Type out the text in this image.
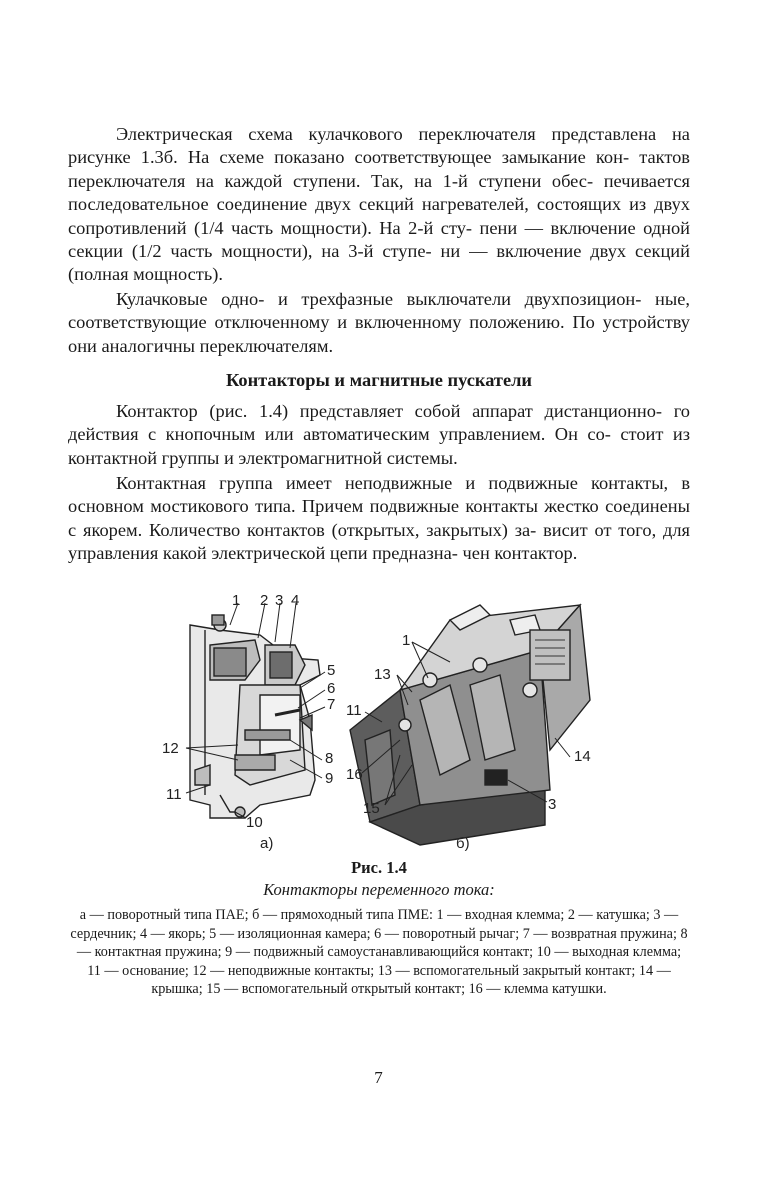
Электрическая схема кулачкового переключателя представлена на рисунке 1.3б. На схеме показано соответствующее замыкание кон- тактов переключателя на каждой ступени. Так, на 1-й ступени обес- печивается последовательное соединение двух секций нагревателей, состоящих из двух сопротивлений (1/4 часть мощности). На 2-й сту- пени — включение одной секции (1/2 часть мощности), на 3-й ступе- ни — включение двух секций (полная мощность).

Кулачковые одно- и трехфазные выключатели двухпозицион- ные, соответствующие отключенному и включенному положению. По устройству они аналогичны переключателям.

Контакторы и магнитные пускатели

Контактор (рис. 1.4) представляет собой аппарат дистанционно- го действия с кнопочным или автоматическим управлением. Он со- стоит из контактной группы и электромагнитной системы.

Контактная группа имеет неподвижные и подвижные контакты, в основном мостикового типа. Причем подвижные контакты жестко соединены с якорем. Количество контактов (открытых, закрытых) за- висит от того, для управления какой электрической цепи предназна- чен контактор.

1 2 3 4
5
6
7
8
9
10
11
12
1
13
11
16
15
14
3
а)	б)
Рис. 1.4
Контакторы переменного тока:
а — поворотный типа ПАЕ; б — прямоходный типа ПМЕ: 1 — входная клемма; 2 — катушка; 3 — сердечник; 4 — якорь; 5 — изоляционная камера; 6 — поворотный рычаг; 7 — возвратная пружина; 8 — контактная пружина; 9 — подвижный самоустанавливающийся контакт; 10 — выходная клемма; 11 — основание; 12 — неподвижные контакты; 13 — вспомогательный закрытый контакт; 14 — крышка; 15 — вспомогательный открытый контакт; 16 — клемма катушки.
7
